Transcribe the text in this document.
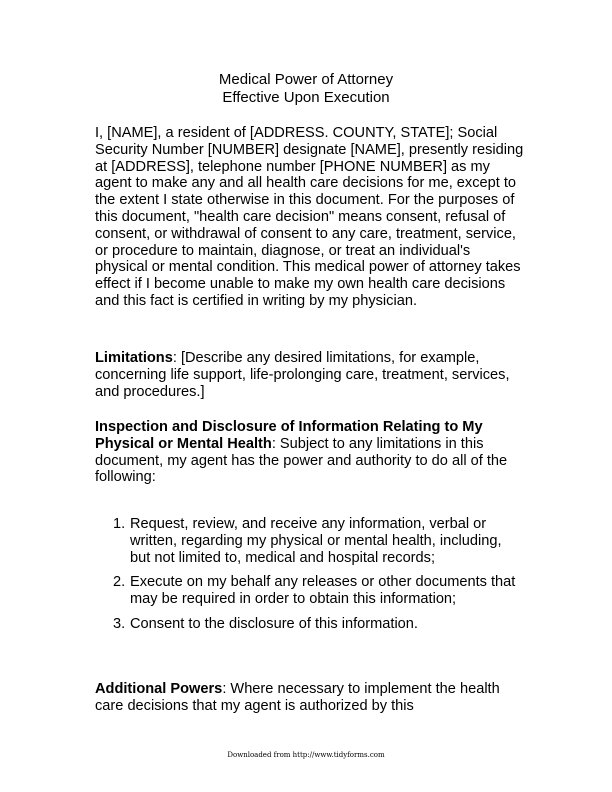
Medical Power of Attorney
Effective Upon Execution
I, [NAME], a resident of [ADDRESS. COUNTY, STATE]; Social Security Number [NUMBER] designate [NAME], presently residing at [ADDRESS], telephone number [PHONE NUMBER] as my agent to make any and all health care decisions for me, except to the extent I state otherwise in this document. For the purposes of this document, "health care decision" means consent, refusal of consent, or withdrawal of consent to any care, treatment, service, or procedure to maintain, diagnose, or treat an individual's physical or mental condition. This medical power of attorney takes effect if I become unable to make my own health care decisions and this fact is certified in writing by my physician.
Limitations: [Describe any desired limitations, for example, concerning life support, life-prolonging care, treatment, services, and procedures.]
Inspection and Disclosure of Information Relating to My Physical or Mental Health: Subject to any limitations in this document, my agent has the power and authority to do all of the following:
1. Request, review, and receive any information, verbal or written, regarding my physical or mental health, including, but not limited to, medical and hospital records;
2. Execute on my behalf any releases or other documents that may be required in order to obtain this information;
3. Consent to the disclosure of this information.
Additional Powers: Where necessary to implement the health care decisions that my agent is authorized by this
Downloaded from http://www.tidyforms.com
